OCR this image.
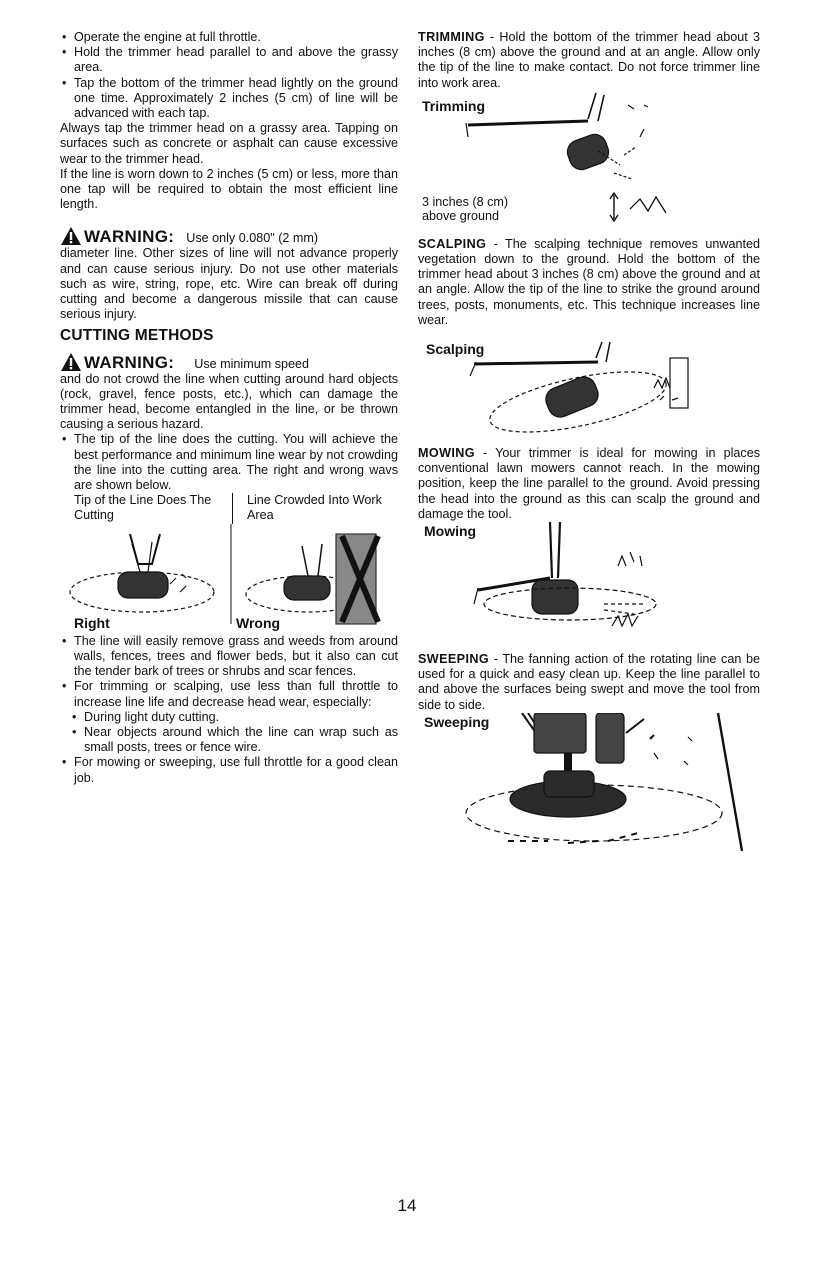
• Operate the engine at full throttle.
• Hold the trimmer head parallel to and above the grassy area.
• Tap the bottom of the trimmer head lightly on the ground one time. Approximately 2 inches (5 cm) of line will be advanced with each tap.

Always tap the trimmer head on a grassy area. Tapping on surfaces such as concrete or asphalt can cause excessive wear to the trimmer head.

If the line is worn down to 2 inches (5 cm) or less, more than one tap will be required to obtain the most efficient line length.

WARNING: Use only 0.080" (2 mm)

diameter line. Other sizes of line will not advance properly and can cause serious injury. Do not use other materials such as wire, string, rope, etc. Wire can break off during cutting and become a dangerous missile that can cause serious injury.

CUTTING METHODS
WARNING: Use minimum speed

and do not crowd the line when cutting around hard objects (rock, gravel, fence posts, etc.), which can damage the trimmer head, become entangled in the line, or be thrown causing a serious hazard.

• The tip of the line does the cutting. You will achieve the best performance and minimum line wear by not crowding the line into the cutting area. The right and wrong wavs are shown below.
Tip of the Line Does The Cutting
Line Crowded Into Work Area
Right	Wrong
• The line will easily remove grass and weeds from around walls, fences, trees and flower beds, but it also can cut the tender bark of trees or shrubs and scar fences.
• For trimming or scalping, use less than full throttle to increase line life and decrease head wear, especially:
• During light duty cutting.
• Near objects around which the line can wrap such as small posts, trees or fence wire.
• For mowing or sweeping, use full throttle for a good clean job.

TRIMMING - Hold the bottom of the trimmer head about 3 inches (8 cm) above the ground and at an angle. Allow only the tip of the line to make contact. Do not force trimmer line into work area.

Trimming
3 inches (8 cm)
above ground

SCALPING - The scalping technique removes unwanted vegetation down to the ground. Hold the bottom of the trimmer head about 3 inches (8 cm) above the ground and at an angle. Allow the tip of the line to strike the ground around trees, posts, monuments, etc. This technique increases line wear.

Scalping

MOWING - Your trimmer is ideal for mowing in places conventional lawn mowers cannot reach. In the mowing position, keep the line parallel to the ground. Avoid pressing the head into the ground as this can scalp the ground and damage the tool.

Mowing

SWEEPING - The fanning action of the rotating line can be used for a quick and easy clean up. Keep the line parallel to and above the surfaces being swept and move the tool from side to side.

Sweeping
14
